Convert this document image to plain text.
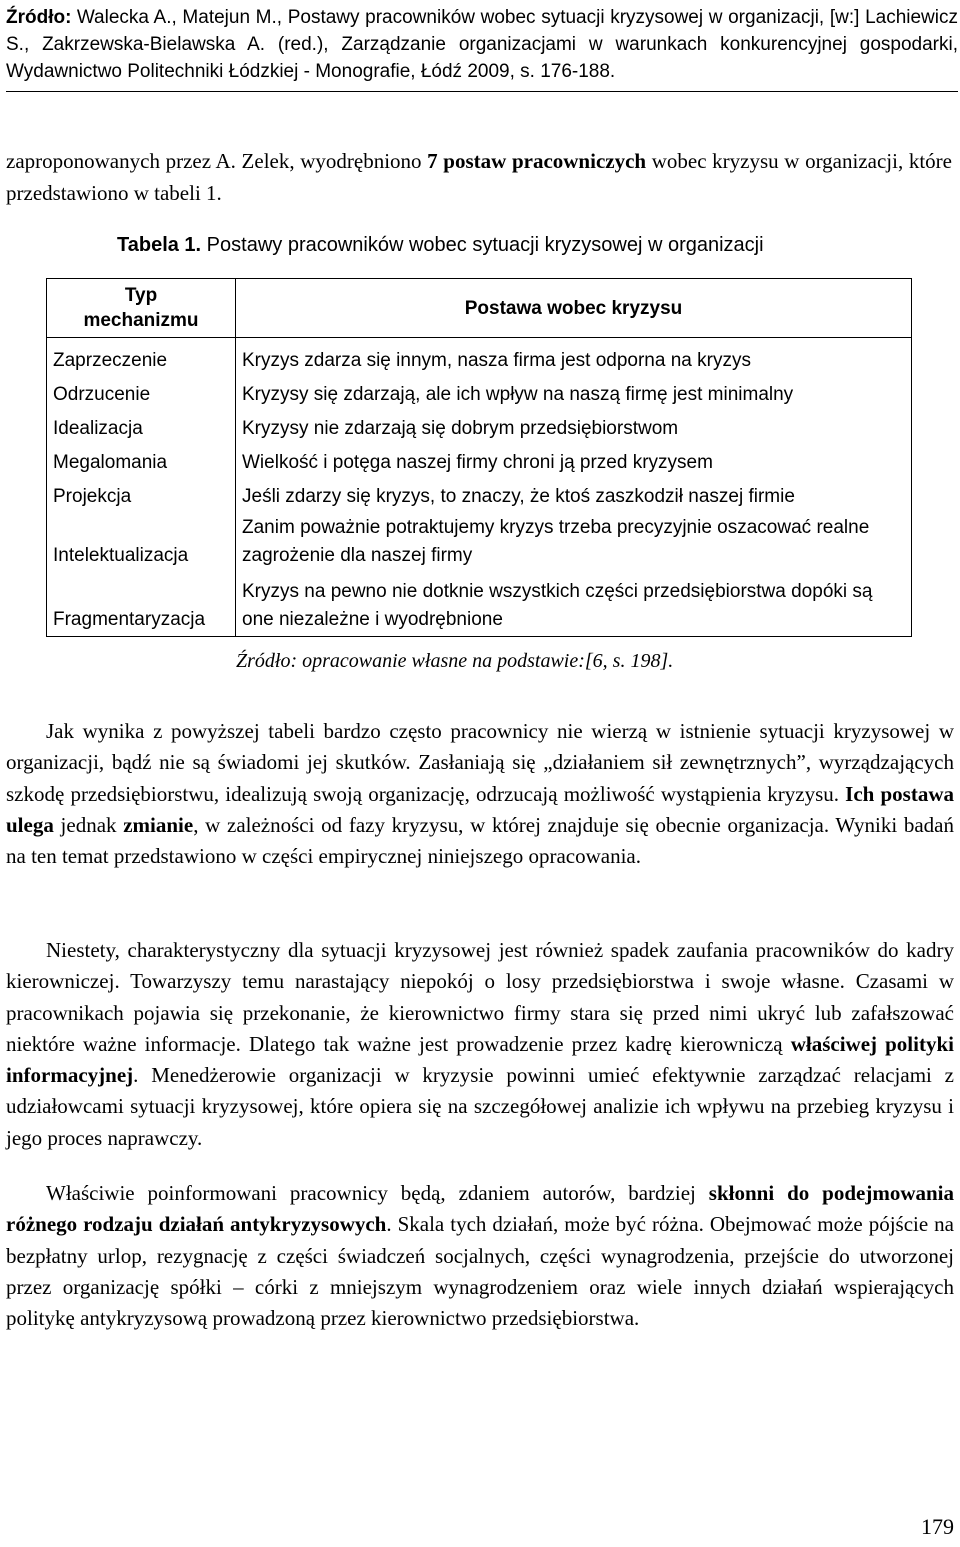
Źródło: Walecka A., Matejun M., Postawy pracowników wobec sytuacji kryzysowej w organizacji, [w:] Lachiewicz S., Zakrzewska-Bielawska A. (red.), Zarządzanie organizacjami w warunkach konkurencyjnej gospodarki, Wydawnictwo Politechniki Łódzkiej - Monografie, Łódź 2009, s. 176-188.
zaproponowanych przez A. Zelek, wyodrębniono 7 postaw pracowniczych wobec kryzysu w organizacji, które przedstawiono w tabeli 1.
Tabela 1. Postawy pracowników wobec sytuacji kryzysowej w organizacji
Typ mechanizmu	Postawa wobec kryzysu
Zaprzeczenie	Kryzys zdarza się innym, nasza firma jest odporna na kryzys
Odrzucenie	Kryzysy się zdarzają, ale ich wpływ na naszą firmę jest minimalny
Idealizacja	Kryzysy nie zdarzają się dobrym przedsiębiorstwom
Megalomania	Wielkość i potęga naszej firmy chroni ją przed kryzysem
Projekcja	Jeśli zdarzy się kryzys, to znaczy, że ktoś zaszkodził naszej firmie
Intelektualizacja	Zanim poważnie potraktujemy kryzys trzeba precyzyjnie oszacować realne zagrożenie dla naszej firmy
Fragmentaryzacja	Kryzys na pewno nie dotknie wszystkich części przedsiębiorstwa dopóki są one niezależne i wyodrębnione
Źródło: opracowanie własne na podstawie:[6, s. 198].
Jak wynika z powyższej tabeli bardzo często pracownicy nie wierzą w istnienie sytuacji kryzysowej w organizacji, bądź nie są świadomi jej skutków. Zasłaniają się „działaniem sił zewnętrznych”, wyrządzających szkodę przedsiębiorstwu, idealizują swoją organizację, odrzucają możliwość wystąpienia kryzysu. Ich postawa ulega jednak zmianie, w zależności od fazy kryzysu, w której znajduje się obecnie organizacja. Wyniki badań na ten temat przedstawiono w części empirycznej niniejszego opracowania.
Niestety, charakterystyczny dla sytuacji kryzysowej jest również spadek zaufania pracowników do kadry kierowniczej. Towarzyszy temu narastający niepokój o losy przedsiębiorstwa i swoje własne. Czasami w pracownikach pojawia się przekonanie, że kierownictwo firmy stara się przed nimi ukryć lub zafałszować niektóre ważne informacje. Dlatego tak ważne jest prowadzenie przez kadrę kierowniczą właściwej polityki informacyjnej. Menedżerowie organizacji w kryzysie powinni umieć efektywnie zarządzać relacjami z udziałowcami sytuacji kryzysowej, które opiera się na szczegółowej analizie ich wpływu na przebieg kryzysu i jego proces naprawczy.
Właściwie poinformowani pracownicy będą, zdaniem autorów, bardziej skłonni do podejmowania różnego rodzaju działań antykryzysowych. Skala tych działań, może być różna. Obejmować może pójście na bezpłatny urlop, rezygnację z części świadczeń socjalnych, części wynagrodzenia, przejście do utworzonej przez organizację spółki – córki z mniejszym wynagrodzeniem oraz wiele innych działań wspierających politykę antykryzysową prowadzoną przez kierownictwo przedsiębiorstwa.
179
